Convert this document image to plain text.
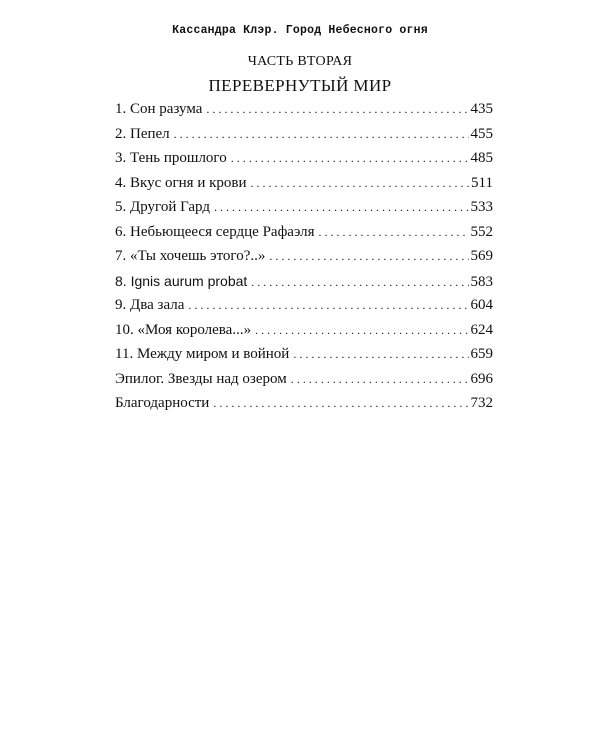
Кассандра Клэр. Город Небесного огня
ЧАСТЬ ВТОРАЯ
ПЕРЕВЕРНУТЫЙ МИР
1. Сон разума . . .	435
2. Пепел . . .	455
3. Тень прошлого . . .	485
4. Вкус огня и крови . . .	511
5. Другой Гард . . .	533
6. Небьющееся сердце Рафаэля . . .	552
7. «Ты хочешь этого?..» . . .	569
8. Ignis aurum probat . . .	583
9. Два зала . . .	604
10. «Моя королева...» . . .	624
11. Между миром и войной . . .	659
Эпилог. Звезды над озером . . .	696
Благодарности . . .	732
